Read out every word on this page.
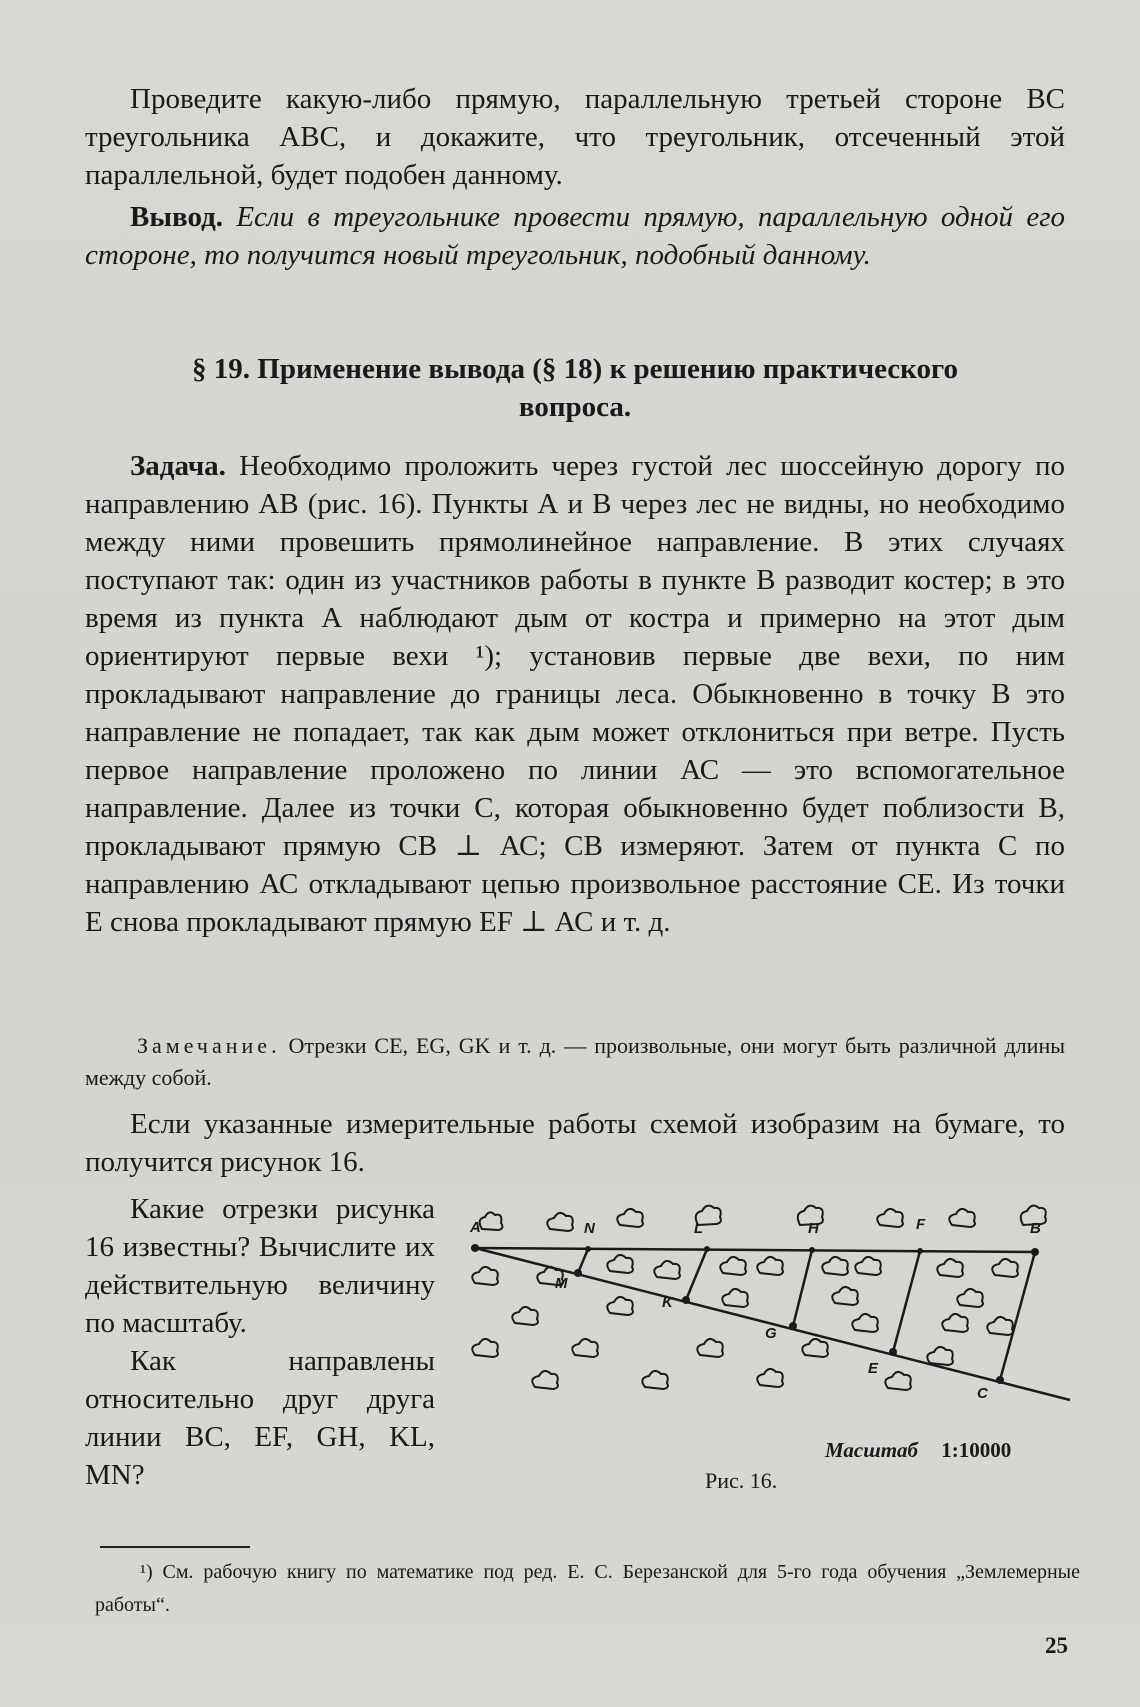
Проведите какую-либо прямую, параллельную третьей стороне ВС треугольника АВС, и докажите, что треугольник, отсеченный этой параллельной, будет подобен данному.

Вывод. Если в треугольнике провести прямую, параллельную одной его стороне, то получится новый треугольник, подобный данному.

§ 19. Применение вывода (§ 18) к решению практического

вопроса.

Задача. Необходимо проложить через густой лес шоссейную дорогу по направлению АВ (рис. 16). Пункты А и В через лес не видны, но необходимо между ними провешить прямолинейное направление. В этих случаях поступают так: один из участников работы в пункте В разводит костер; в это время из пункта А наблюдают дым от костра и примерно на этот дым ориентируют первые вехи ¹); установив первые две вехи, по ним прокладывают направление до границы леса. Обыкновенно в точку В это направление не попадает, так как дым может отклониться при ветре. Пусть первое направление проложено по линии АС — это вспомогательное направление. Далее из точки С, которая обыкновенно будет поблизости В, прокладывают прямую СВ ⊥ АС; СВ измеряют. Затем от пункта С по направлению АС откладывают цепью произвольное расстояние СЕ. Из точки Е снова прокладывают прямую EF ⊥ АС и т. д.

Замечание. Отрезки СЕ, EG, GK и т. д. — произвольные, они могут быть различной длины между собой.

Если указанные измерительные работы схемой изобразим на бумаге, то получится рисунок 16.

Какие отрезки рисунка 16 известны? Вычислите их действительную величину по масштабу.

Как направлены относительно друг друга линии ВС, EF, GH, KL, MN?

A	B
C
E
F
G
H
K
L
M
N
Масштаб 1:10000
Рис. 16.

¹) См. рабочую книгу по математике под ред. Е. С. Березанской для 5-го года обучения „Землемерные работы“.

25
